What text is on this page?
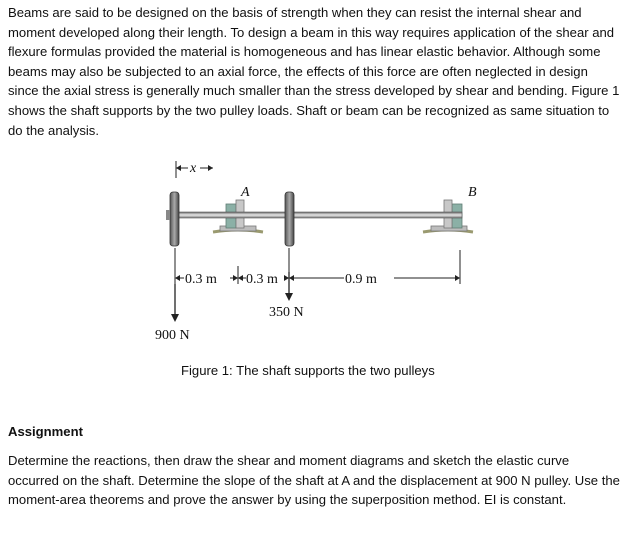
Beams are said to be designed on the basis of strength when they can resist the internal shear and moment developed along their length. To design a beam in this way requires application of the shear and flexure formulas provided the material is homogeneous and has linear elastic behavior. Although some beams may also be subjected to an axial force, the effects of this force are often neglected in design since the axial stress is generally much smaller than the stress developed by shear and bending. Figure 1 shows the shaft supports by the two pulley loads. Shaft or beam can be recognized as same situation to do the analysis.

x
A	B
0.3 m 0.3 m	0.9 m
350 N
900 N
Figure 1: The shaft supports the two pulleys
Assignment

Determine the reactions, then draw the shear and moment diagrams and sketch the elastic curve occurred on the shaft. Determine the slope of the shaft at A and the displacement at 900 N pulley. Use the moment-area theorems and prove the answer by using the superposition method. EI is constant.
